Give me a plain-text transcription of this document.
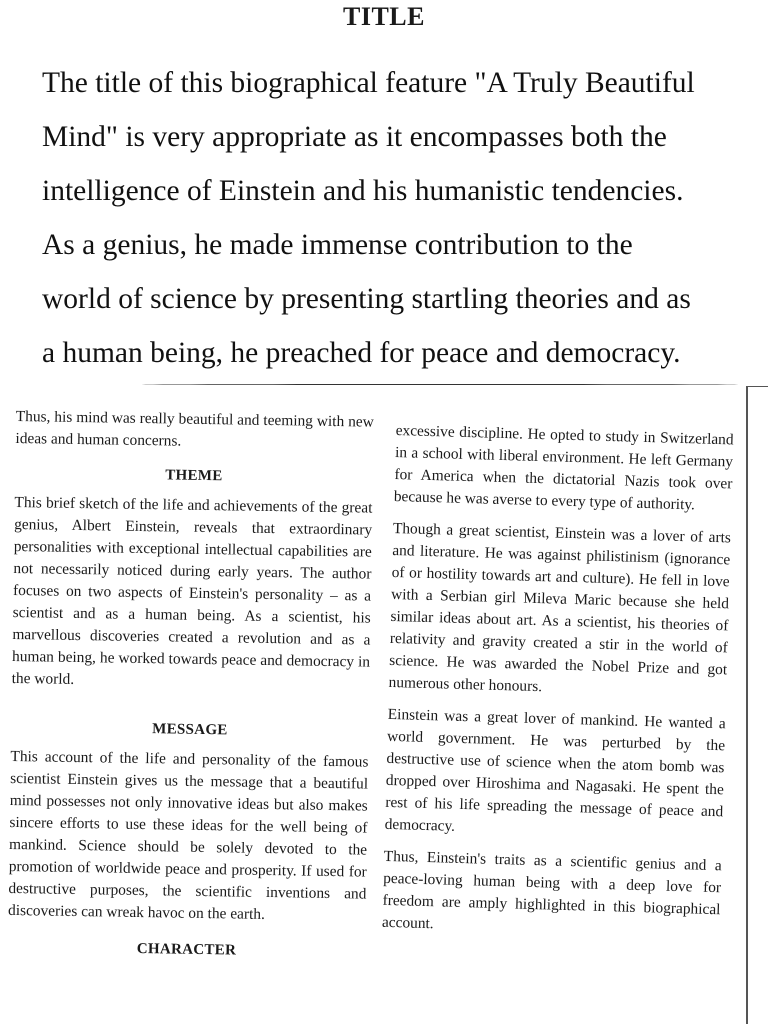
TITLE
The title of this biographical feature "A Truly Beautiful
Mind" is very appropriate as it encompasses both the
intelligence of Einstein and his humanistic tendencies.
As a genius, he made immense contribution to the
world of science by presenting startling theories and as
a human being, he preached for peace and democracy.

Thus, his mind was really beautiful and teeming with new ideas and human concerns.

THEME

This brief sketch of the life and achievements of the great genius, Albert Einstein, reveals that extraordinary personalities with exceptional intellectual capabilities are not necessarily noticed during early years. The author focuses on two aspects of Einstein's personality – as a scientist and as a human being. As a scientist, his marvellous discoveries created a revolution and as a human being, he worked towards peace and democracy in the world.

MESSAGE

This account of the life and personality of the famous scientist Einstein gives us the message that a beautiful mind possesses not only innovative ideas but also makes sincere efforts to use these ideas for the well being of mankind. Science should be solely devoted to the promotion of worldwide peace and prosperity. If used for destructive purposes, the scientific inventions and discoveries can wreak havoc on the earth.

CHARACTER

excessive discipline. He opted to study in Switzerland in a school with liberal environment. He left Germany for America when the dictatorial Nazis took over because he was averse to every type of authority.

Though a great scientist, Einstein was a lover of arts and literature. He was against philistinism (ignorance of or hostility towards art and culture). He fell in love with a Serbian girl Mileva Maric because she held similar ideas about art. As a scientist, his theories of relativity and gravity created a stir in the world of science. He was awarded the Nobel Prize and got numerous other honours.

Einstein was a great lover of mankind. He wanted a world government. He was perturbed by the destructive use of science when the atom bomb was dropped over Hiroshima and Nagasaki. He spent the rest of his life spreading the message of peace and democracy.

Thus, Einstein's traits as a scientific genius and a peace-loving human being with a deep love for freedom are amply highlighted in this biographical account.
